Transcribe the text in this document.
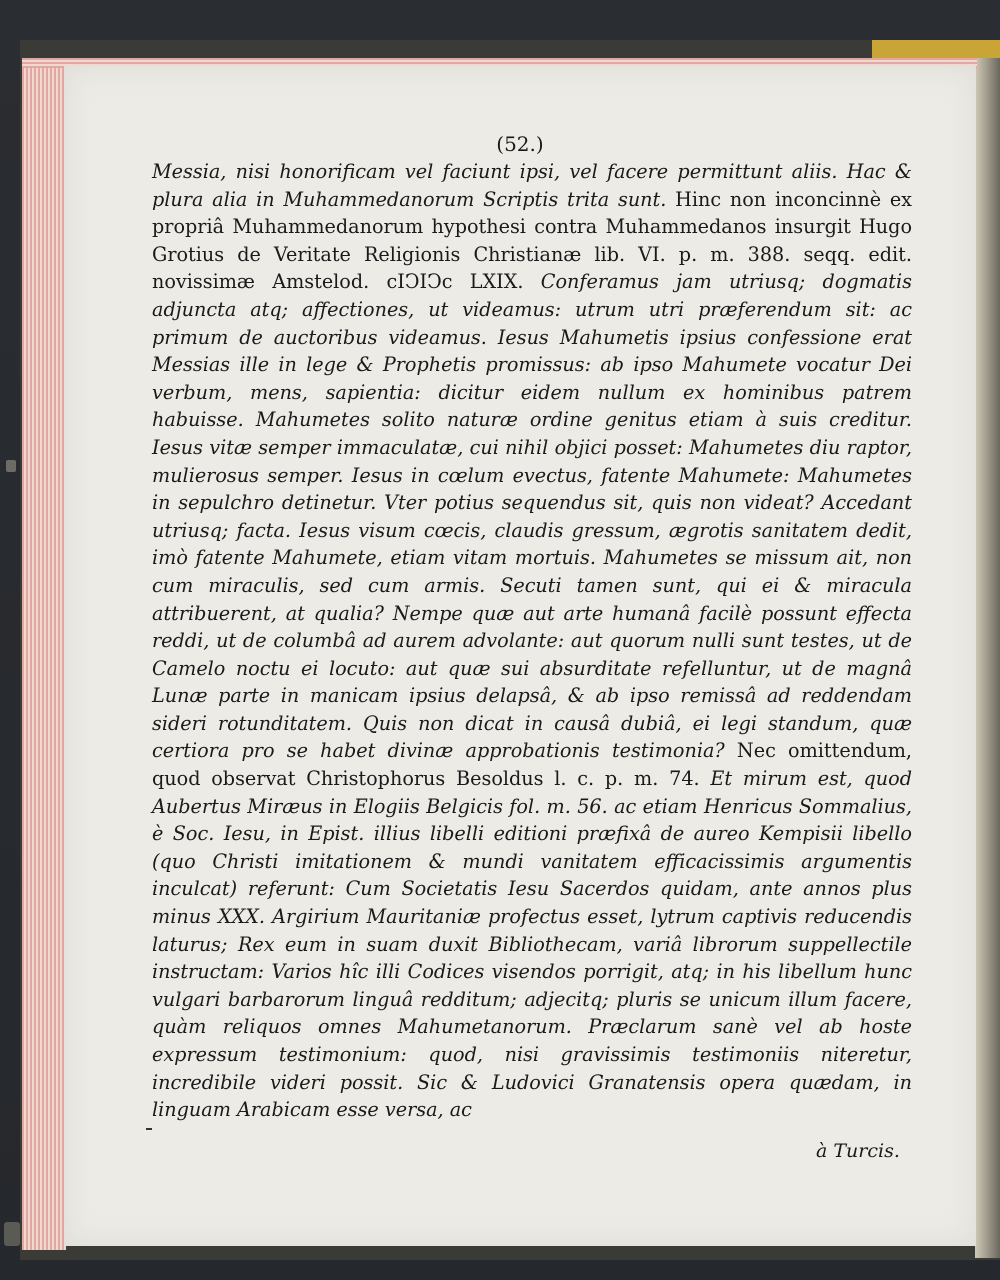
(52.)
Messia, nisi honorificam vel faciunt ipsi, vel facere permittunt aliis. Hac & plura alia in Muhammedanorum Scriptis trita sunt. Hinc non inconcinnè ex propriâ Muhammedanorum hypothesi contra Muhammedanos insurgit Hugo Grotius de Veritate Religionis Christianæ lib. VI. p. m. 388. seqq. edit. novissimæ Amstelod. cIↃIↃc LXIX. Conferamus jam utriusq; dogmatis adjuncta atq; affectiones, ut videamus: utrum utri præferendum sit: ac primum de auctoribus videamus. Iesus Mahumetis ipsius confessione erat Messias ille in lege & Prophetis promissus: ab ipso Mahumete vocatur Dei verbum, mens, sapientia: dicitur eidem nullum ex hominibus patrem habuisse. Mahumetes solito naturæ ordine genitus etiam à suis creditur. Iesus vitæ semper immaculatæ, cui nihil objici posset: Mahumetes diu raptor, mulierosus semper. Iesus in cœlum evectus, fatente Mahumete: Mahumetes in sepulchro detinetur. Vter potius sequendus sit, quis non videat? Accedant utriusq; facta. Iesus visum cœcis, claudis gressum, ægrotis sanitatem dedit, imò fatente Mahumete, etiam vitam mortuis. Mahumetes se missum ait, non cum miraculis, sed cum armis. Secuti tamen sunt, qui ei & miracula attribuerent, at qualia? Nempe quæ aut arte humanâ facilè possunt effecta reddi, ut de columbâ ad aurem advolante: aut quorum nulli sunt testes, ut de Camelo noctu ei locuto: aut quæ sui absurditate refelluntur, ut de magnâ Lunæ parte in manicam ipsius delapsâ, & ab ipso remissâ ad reddendam sideri rotunditatem. Quis non dicat in causâ dubiâ, ei legi standum, quæ certiora pro se habet divinæ approbationis testimonia? Nec omittendum, quod observat Christophorus Besoldus l. c. p. m. 74. Et mirum est, quod Aubertus Miræus in Elogiis Belgicis fol. m. 56. ac etiam Henricus Sommalius, è Soc. Iesu, in Epist. illius libelli editioni præfixâ de aureo Kempisii libello (quo Christi imitationem & mundi vanitatem efficacissimis argumentis inculcat) referunt: Cum Societatis Iesu Sacerdos quidam, ante annos plus minus XXX. Argirium Mauritaniæ profectus esset, lytrum captivis reducendis laturus; Rex eum in suam duxit Bibliothecam, variâ librorum suppellectile instructam: Varios hîc illi Codices visendos porrigit, atq; in his libellum hunc vulgari barbarorum linguâ redditum; adjecitq; pluris se unicum illum facere, quàm reliquos omnes Mahumetanorum. Præclarum sanè vel ab hoste expressum testimonium: quod, nisi gravissimis testimoniis niteretur, incredibile videri possit. Sic & Ludovici Granatensis opera quædam, in linguam Arabicam esse versa, ac
à Turcis.
